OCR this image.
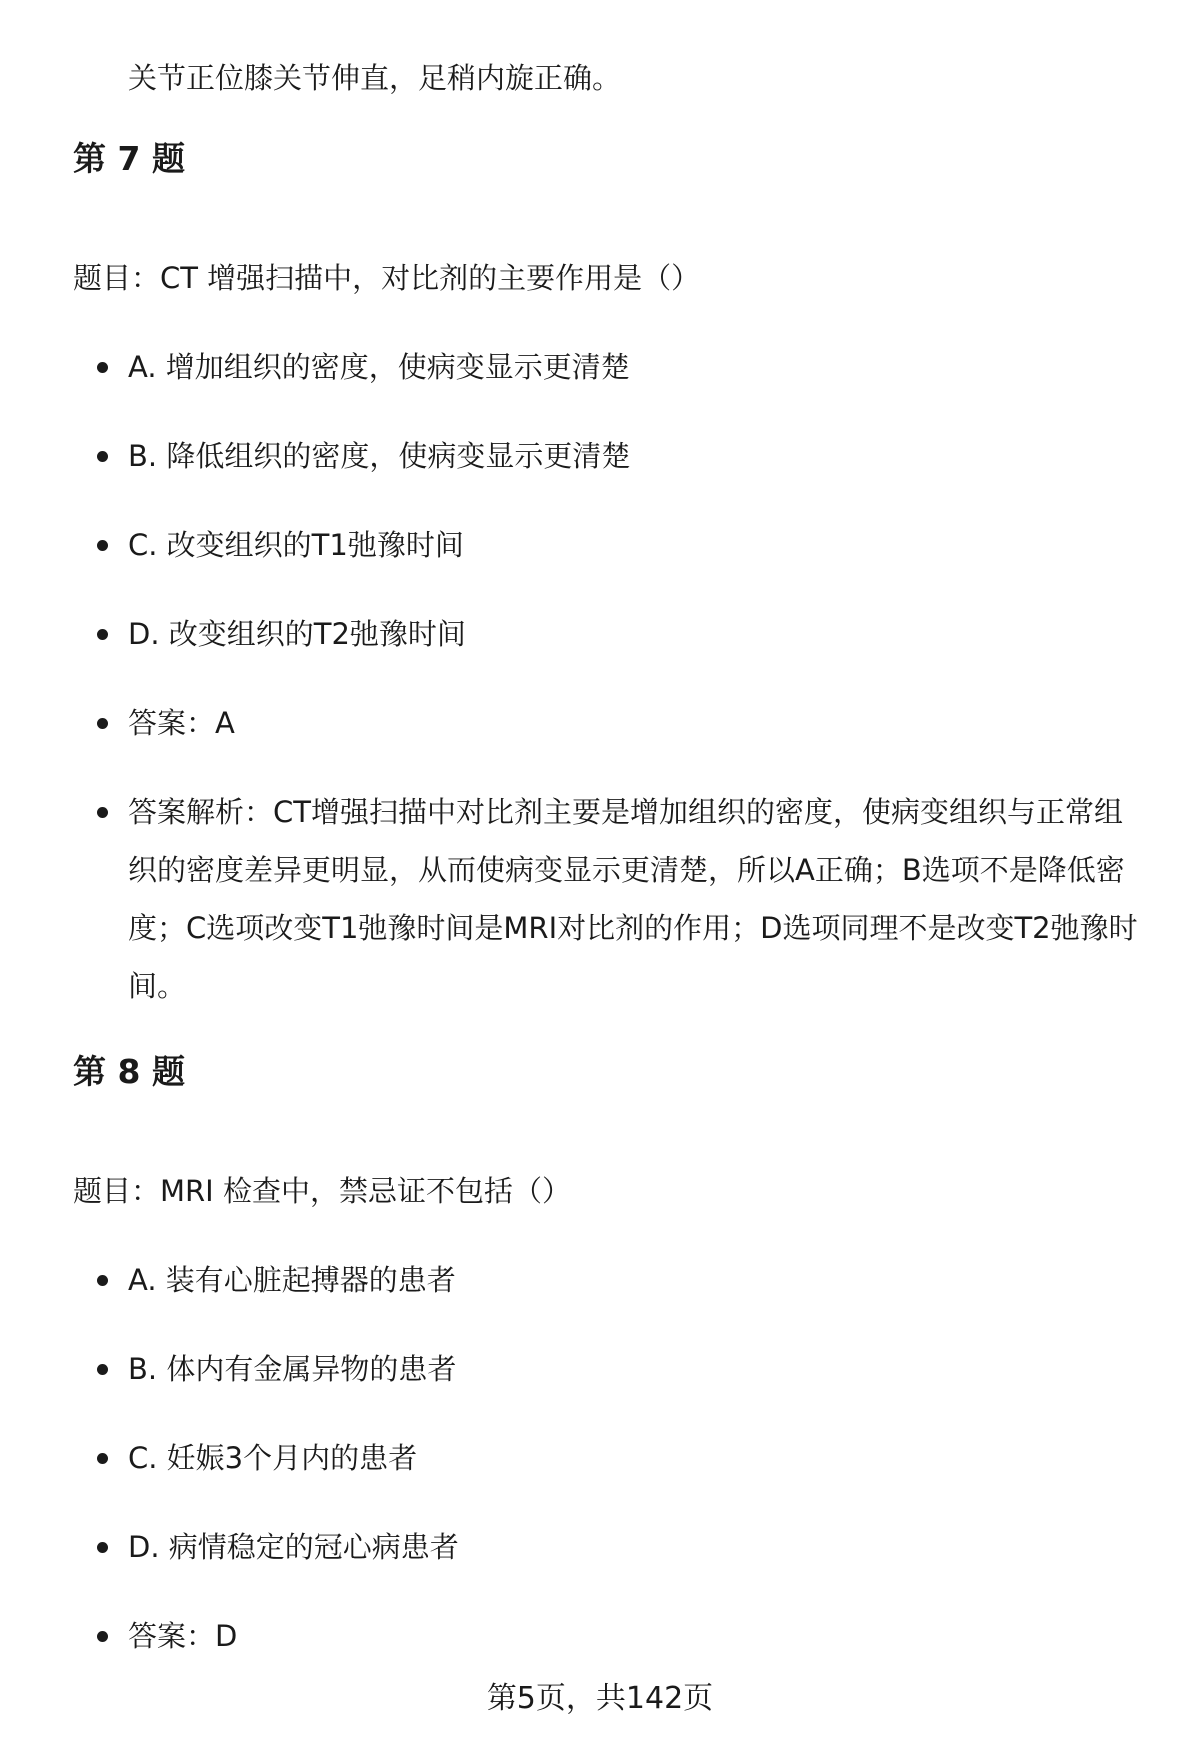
关节正位膝关节伸直，足稍内旋正确。
第 7 题
题目：CT 增强扫描中，对比剂的主要作用是（）
A. 增加组织的密度，使病变显示更清楚
B. 降低组织的密度，使病变显示更清楚
C. 改变组织的T1弛豫时间
D. 改变组织的T2弛豫时间
答案：A
答案解析：CT增强扫描中对比剂主要是增加组织的密度，使病变组织与正常组织的密度差异更明显，从而使病变显示更清楚，所以A正确；B选项不是降低密度；C选项改变T1弛豫时间是MRI对比剂的作用；D选项同理不是改变T2弛豫时间。
第 8 题
题目：MRI 检查中，禁忌证不包括（）
A. 装有心脏起搏器的患者
B. 体内有金属异物的患者
C. 妊娠3个月内的患者
D. 病情稳定的冠心病患者
答案：D
第5页，共142页
